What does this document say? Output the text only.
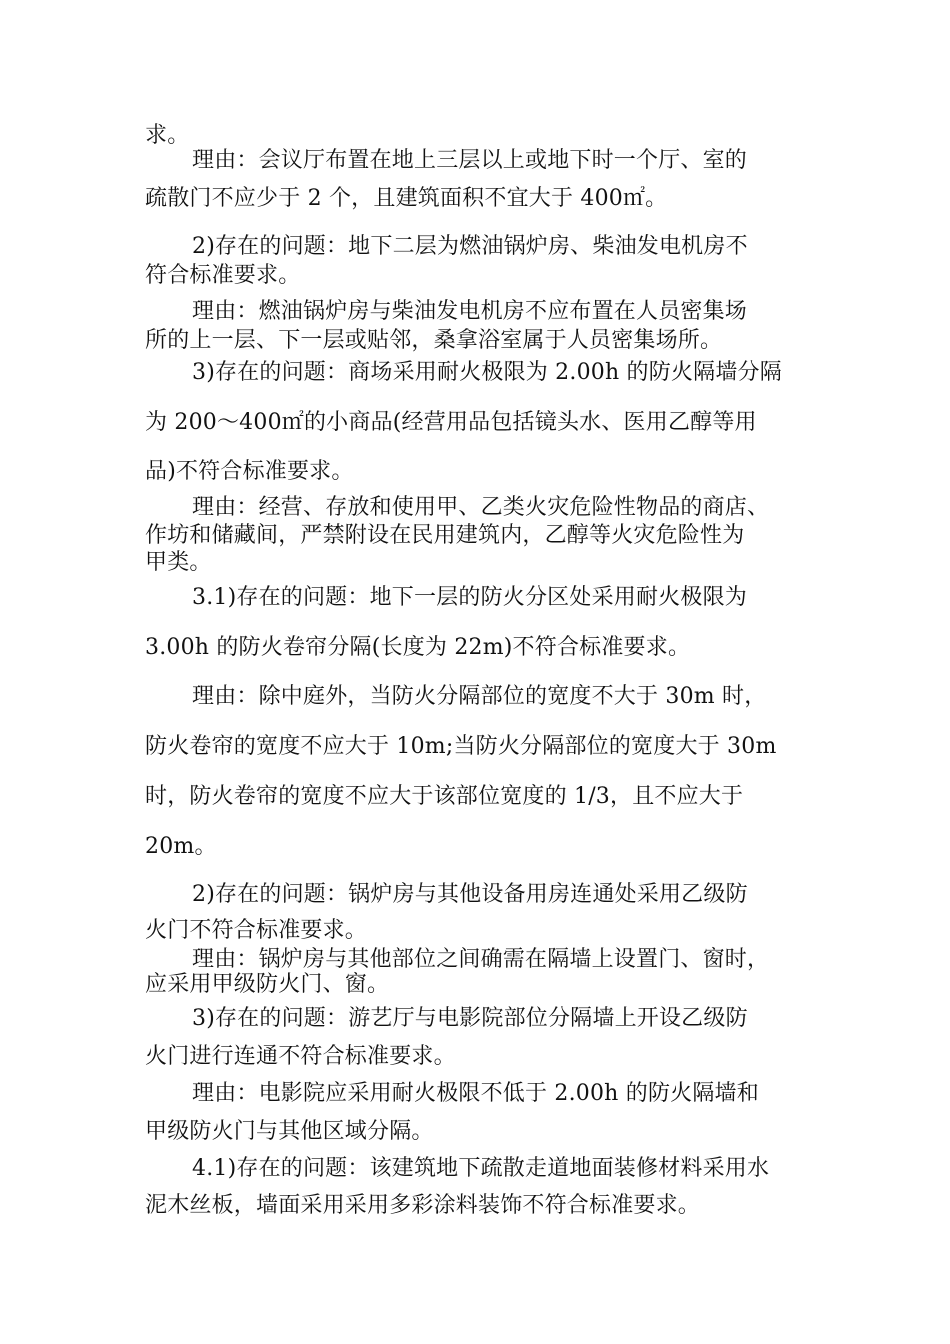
求。
理由：会议厅布置在地上三层以上或地下时一个厅、室的
疏散门不应少于 2 个，且建筑面积不宜大于 400㎡。
2)存在的问题：地下二层为燃油锅炉房、柴油发电机房不
符合标准要求。
理由：燃油锅炉房与柴油发电机房不应布置在人员密集场
所的上一层、下一层或贴邻，桑拿浴室属于人员密集场所。
3)存在的问题：商场采用耐火极限为 2.00h 的防火隔墙分隔
为 200～400㎡的小商品(经营用品包括镜头水、医用乙醇等用
品)不符合标准要求。
理由：经营、存放和使用甲、乙类火灾危险性物品的商店、
作坊和储藏间，严禁附设在民用建筑内，乙醇等火灾危险性为
甲类。
3.1)存在的问题：地下一层的防火分区处采用耐火极限为
3.00h 的防火卷帘分隔(长度为 22m)不符合标准要求。
理由：除中庭外，当防火分隔部位的宽度不大于 30m 时，
防火卷帘的宽度不应大于 10m;当防火分隔部位的宽度大于 30m
时，防火卷帘的宽度不应大于该部位宽度的 1/3，且不应大于
20m。
2)存在的问题：锅炉房与其他设备用房连通处采用乙级防
火门不符合标准要求。
理由：锅炉房与其他部位之间确需在隔墙上设置门、窗时，
应采用甲级防火门、窗。
3)存在的问题：游艺厅与电影院部位分隔墙上开设乙级防
火门进行连通不符合标准要求。
理由：电影院应采用耐火极限不低于 2.00h 的防火隔墙和
甲级防火门与其他区域分隔。
4.1)存在的问题：该建筑地下疏散走道地面装修材料采用水
泥木丝板，墙面采用采用多彩涂料装饰不符合标准要求。
